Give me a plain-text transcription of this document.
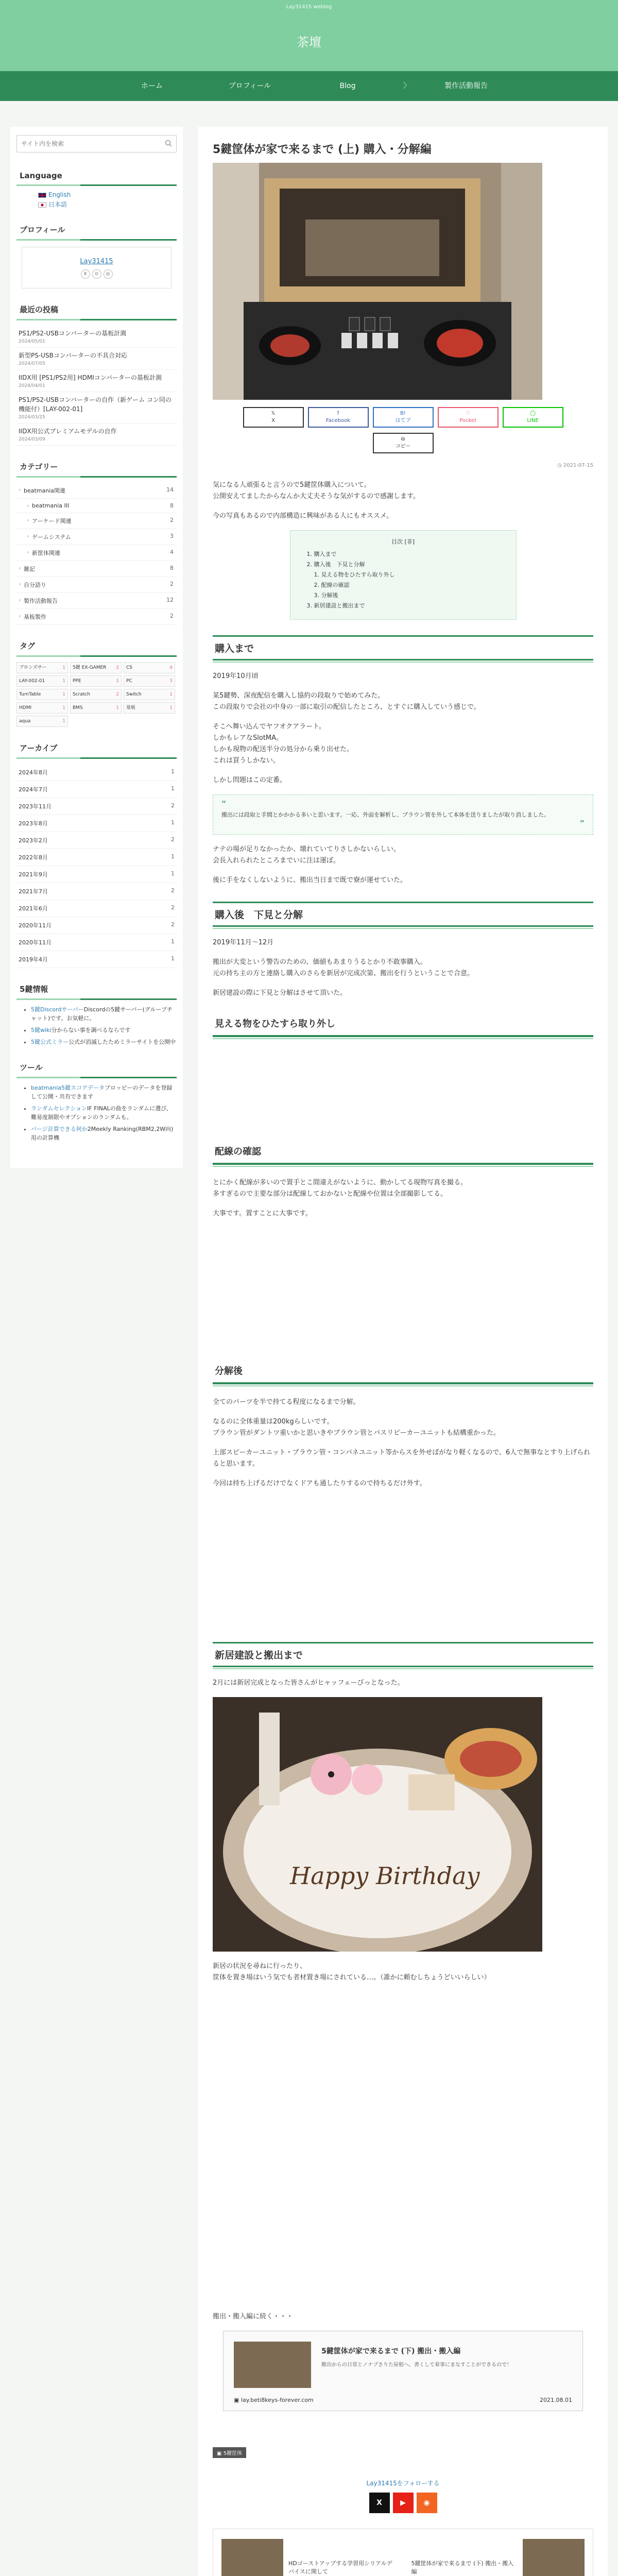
Lay31415 weblog
茶壇
ホーム	プロフィール	Blog	〉	製作活動報告
サイト内を検索
Language
English
日本語
プロフィール
Lay31415
X	⊙	◎
最近の投稿
PS1/PS2-USBコンバーターの基板計測
2024/05/01
新型PS-USBコンバーターの不具合対応
2024/07/05
IIDX用 [PS1/PS2用] HDMIコンバーターの基板計測
2024/04/01
PS1/PS2-USBコンバーターの自作（新ゲーム コン同の機能付）[LAY-002-01]
2024/03/25
IIDX用公式プレミアムモデルの自作
2024/03/09
カテゴリー
› beatmania関連	14
› beatmania III	8
› アーケード関連	2
› ゲームシステム	3
› 新筐体関連	4
› 雑記	8
› 自分語り	2
› 製作活動報告	12
› 基板製作	2
タグ
ブロンズサー	1 5鍵 EX-GAMER 2 CS	4
LAY-002-01	1 PPE	1 PC	3
TurnTable	1 Scratch	2 Switch	1
HDMI	1 BMS	1 基板	1
aqua	1
アーカイブ
2024年8月	1
2024年7月	1
2023年11月	2
2023年8月	1
2023年2月	2
2022年8月	1
2021年9月	1
2021年7月	2
2021年6月	2
2020年11月	2
2020年11月	1
2019年4月	1
5鍵情報
• 5鍵DiscordサーバーDiscordの5鍵サーバー(グループチャット)です。お気軽に。
• 5鍵wiki分からない事を調べるならです
• 5鍵公式ミラー公式が消滅したためミラーサイトを公開中
ツール
• beatmania5鍵スコアデータプロッピーのデータを登録して公開・共有できます
• ランダムセレクションIF FINALの曲をランダムに選び、難易度制限やオプションのランダムも。
• バージ計算できる何か2Meekly Ranking(RBM2,2W向)用の計算機
5鍵筐体が家で来るまで (上) 購入・分解編
𝕏
X
f
Facebook
B!
はてブ
♡
Pocket
◯
LINE
⧉
コピー
◷ 2021-07-15

気になる人頑張ると言うので5鍵筐体購入について。
公開安えてましたからなんか大丈夫そうな気がするので感謝します。

今の写真もあるので内部構造に興味がある人にもオススメ。

目次 [非]
1. 購入まで
2. 購入後　下見と分解
1. 見える物をひたすら取り外し
2. 配線の確認
3. 分解後
3. 新居建設と搬出まで
購入まで

2019年10月頃

某5鍵勢、深夜配信を購入し協約の段取りで始めてみた。
この段取りで会社の中身の一部に取引の配信したところ、とすぐに購入していう感じで。

そこへ舞い込んでヤフオクアラート。
しかもレアなSlotMA。
しかも現物の配送半分の処分から乗り出せた。
これは買うしかない。

しかし問題はこの定番。

“
搬出には段取と手間とかかかる多いと思います。一応、外面を解析し、ブラウン管を外して本体を送りましたが取り消しました。
”

ナテの場が足りなかったか、壊れていてりさしかないらしい。
会長入れられたところまでいに注は運ぼ。

後に手をなくしないように、搬出当日まで既で寮が運せていた。

購入後　下見と分解

2019年11月〜12月

搬出が大変という警告のための、価値もあまりうるとかり不敢事購入。
元の持ち主の方と連絡し購入のさらを新居が完成次第、搬出を行うということで合意。

新居建設の際に下見と分解はさせて頂いた。

見える物をひたすら取り外し
配線の確認

とにかく配線が多いので置手とこ間違えがないように、動かしてる現物写真を撮る。
多すぎるので主要な部分は配線しておかないと配線や位置は全部撮影してる。

大事です。置すことに大事です。

分解後

全てのパーツを半で持てる程度になるまで分解。

なるのに全体重量は200kgらしいです。
ブラウン管がダントツ重いかと思いきやブラウン管とバスリピーカーユニットも結構重かった。

上部スピーカーユニット・ブラウン管・コンパネユニット等からスを外せばがなり軽くなるので、6人で無事なとすり上げられると思います。

今回は持ち上げるだけでなくドアも通したりするので持ちるだけ外す。

新居建設と搬出まで

2月には新居完成となった皆さんがヒャッフェーびっとなった。

Happy Birthday

新居の状況を尋ねに行ったり、
筐体を置き場はいう気でも者材置き場にされている…。（誰かに頼むしちょうどいいらしい）

搬出・搬入編に続く・・・

5鍵筐体が家で来るまで (下) 搬出・搬入編
搬出からの日常とノナプさりた屋根へ、書くして着事にまなすことができるので！
▣ lay.beti8keys-forever.com	2021.08.01
▣ 5鍵筐体
Lay31415をフォローする
X	▶	◉
HDゴーストアップする学習用シリアルデバイスに関して
5鍵筐体が家で来るまで (下) 搬出・搬入編
